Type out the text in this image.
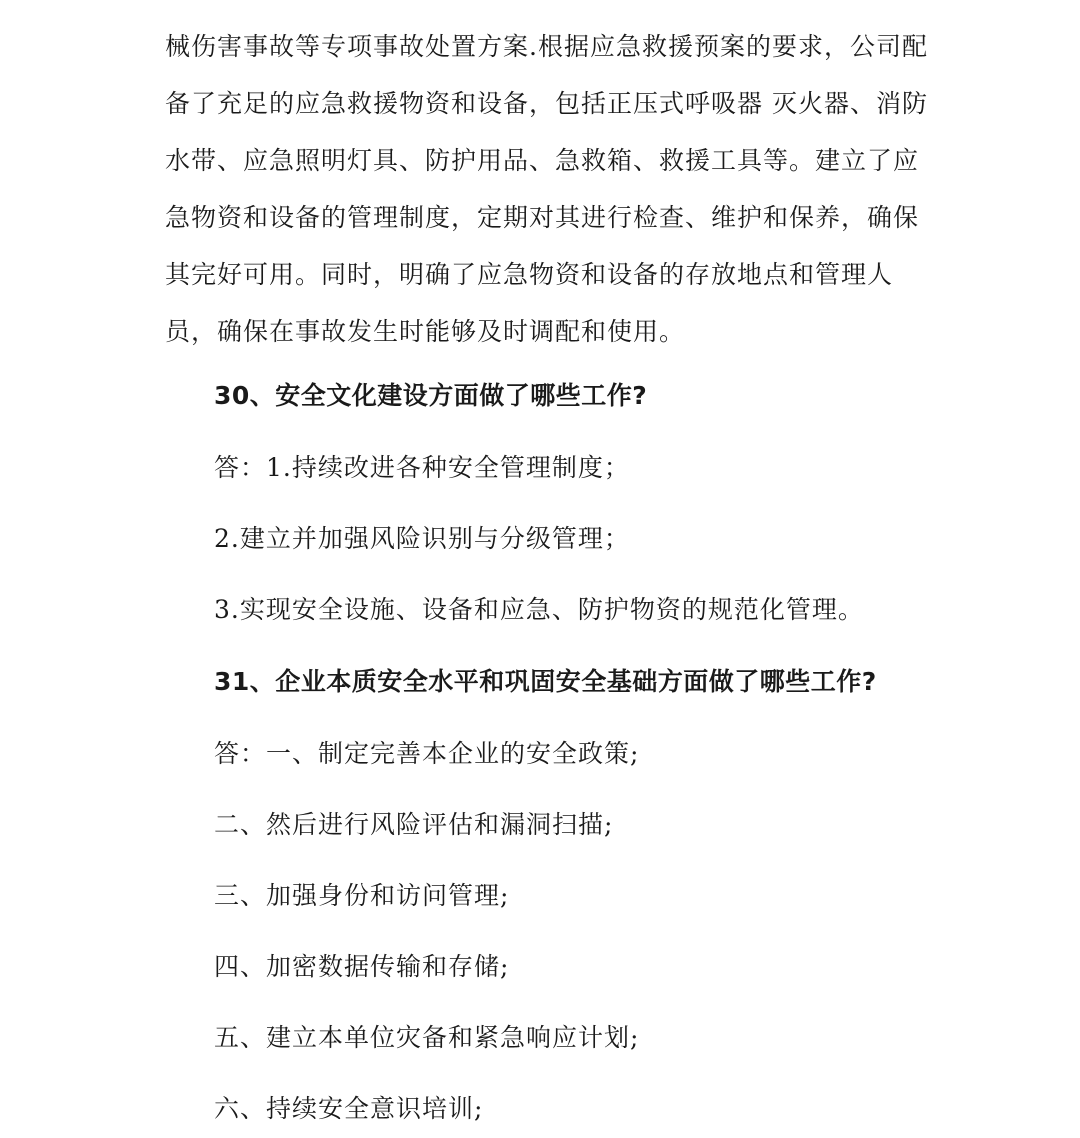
械伤害事故等专项事故处置方案.根据应急救援预案的要求，公司配
备了充足的应急救援物资和设备，包括正压式呼吸器 灭火器、消防
水带、应急照明灯具、防护用品、急救箱、救援工具等。建立了应
急物资和设备的管理制度，定期对其进行检查、维护和保养，确保
其完好可用。同时，明确了应急物资和设备的存放地点和管理人
员，确保在事故发生时能够及时调配和使用。
30、安全文化建设方面做了哪些工作?
答：1.持续改进各种安全管理制度；
2.建立并加强风险识别与分级管理；
3.实现安全设施、设备和应急、防护物资的规范化管理。
31、企业本质安全水平和巩固安全基础方面做了哪些工作?
答：一、制定完善本企业的安全政策;
二、然后进行风险评估和漏洞扫描;
三、加强身份和访问管理;
四、加密数据传输和存储;
五、建立本单位灾备和紧急响应计划;
六、持续安全意识培训;
